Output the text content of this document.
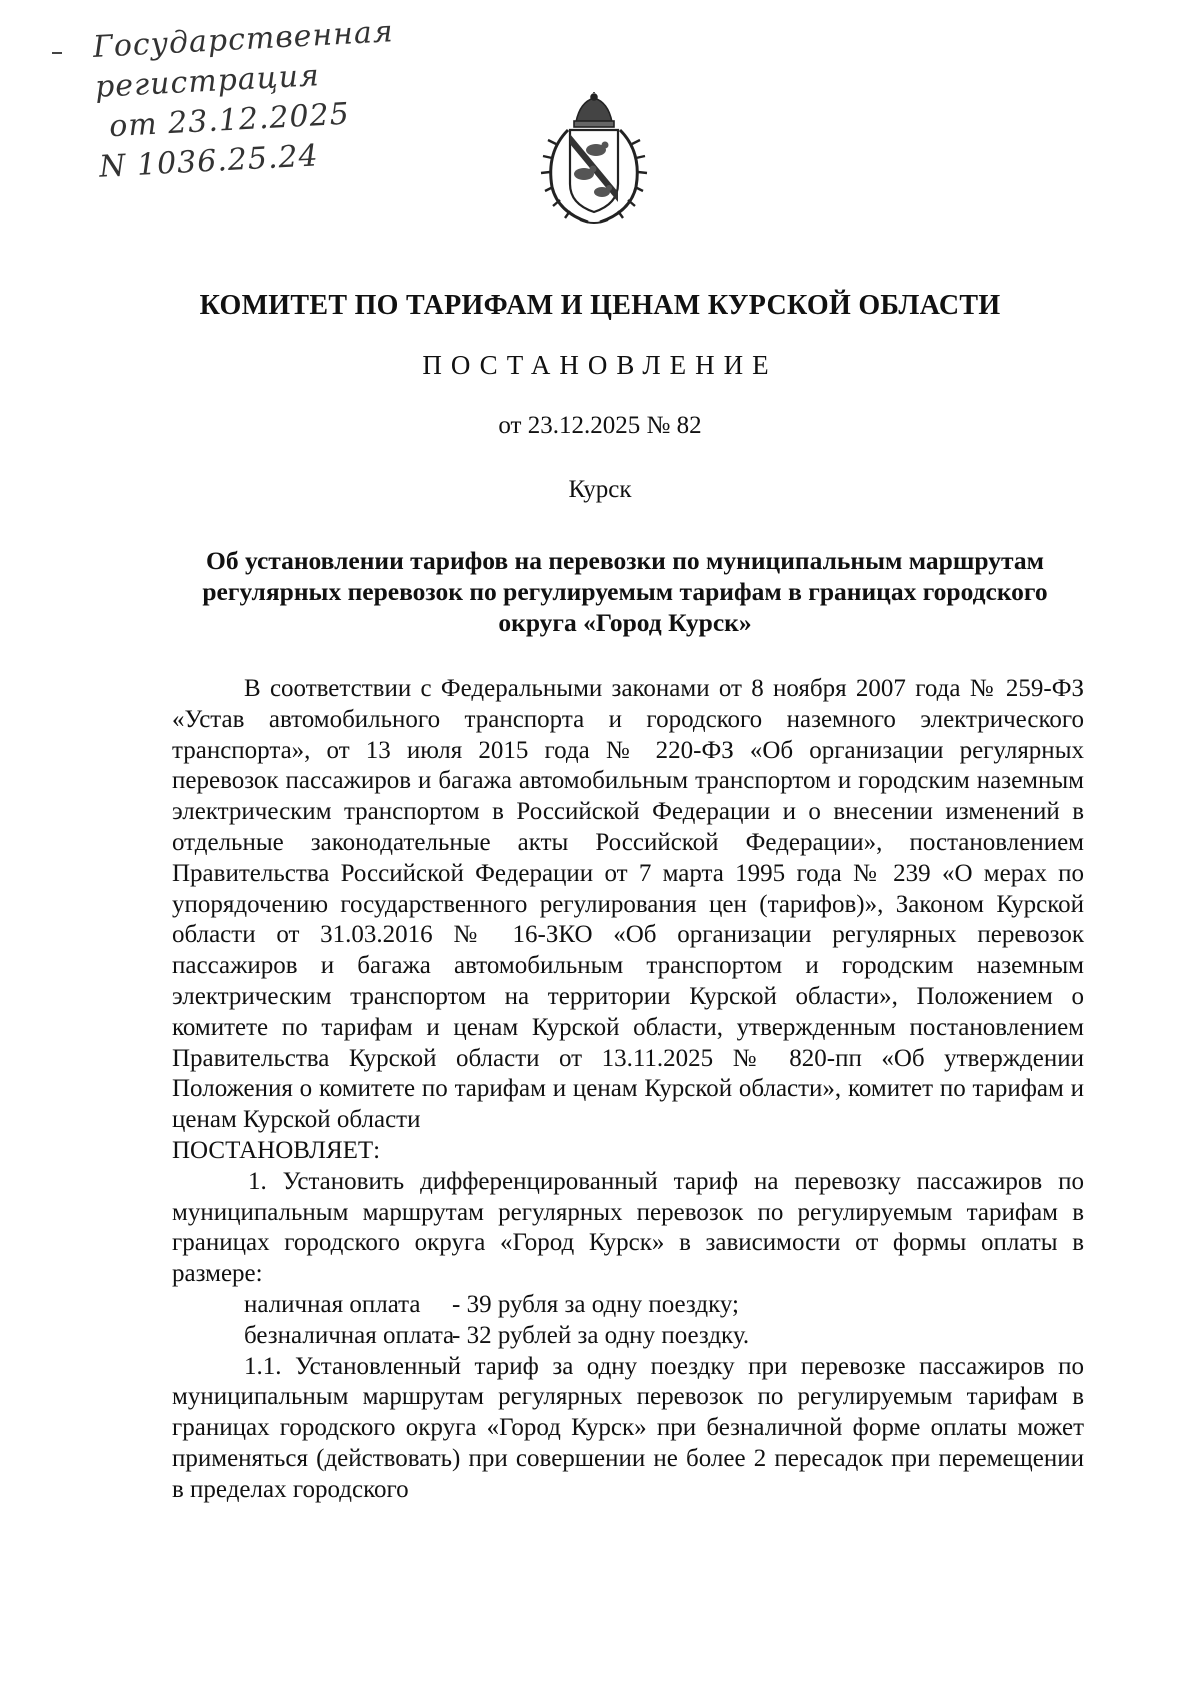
Государственная
регистрация
от 23.12.2025
N 1036.25.24
КОМИТЕТ ПО ТАРИФАМ И ЦЕНАМ КУРСКОЙ ОБЛАСТИ
ПОСТАНОВЛЕНИЕ
от 23.12.2025 № 82
Курск
Об установлении тарифов на перевозки по муниципальным маршрутам регулярных перевозок по регулируемым тарифам в границах городского округа «Город Курск»

В соответствии с Федеральными законами от 8 ноября 2007 года № 259-ФЗ «Устав автомобильного транспорта и городского наземного электрического транспорта», от 13 июля 2015 года № 220-ФЗ «Об организации регулярных перевозок пассажиров и багажа автомобильным транспортом и городским наземным электрическим транспортом в Российской Федерации и о внесении изменений в отдельные законодательные акты Российской Федерации», постановлением Правительства Российской Федерации от 7 марта 1995 года № 239 «О мерах по упорядочению государственного регулирования цен (тарифов)», Законом Курской области от 31.03.2016 № 16-ЗКО «Об организации регулярных перевозок пассажиров и багажа автомобильным транспортом и городским наземным электрическим транспортом на территории Курской области», Положением о комитете по тарифам и ценам Курской области, утвержденным постановлением Правительства Курской области от 13.11.2025 № 820-пп «Об утверждении Положения о комитете по тарифам и ценам Курской области», комитет по тарифам и ценам Курской области

ПОСТАНОВЛЯЕТ:

1. Установить дифференцированный тариф на перевозку пассажиров по муниципальным маршрутам регулярных перевозок по регулируемым тарифам в границах городского округа «Город Курск» в зависимости от формы оплаты в размере:

наличная оплата - 39 рубля за одну поездку;
безналичная оплата
- 32 рублей за одну поездку.

1.1. Установленный тариф за одну поездку при перевозке пассажиров по муниципальным маршрутам регулярных перевозок по регулируемым тарифам в границах городского округа «Город Курск» при безналичной форме оплаты может применяться (действовать) при совершении не более 2 пересадок при перемещении в пределах городского
